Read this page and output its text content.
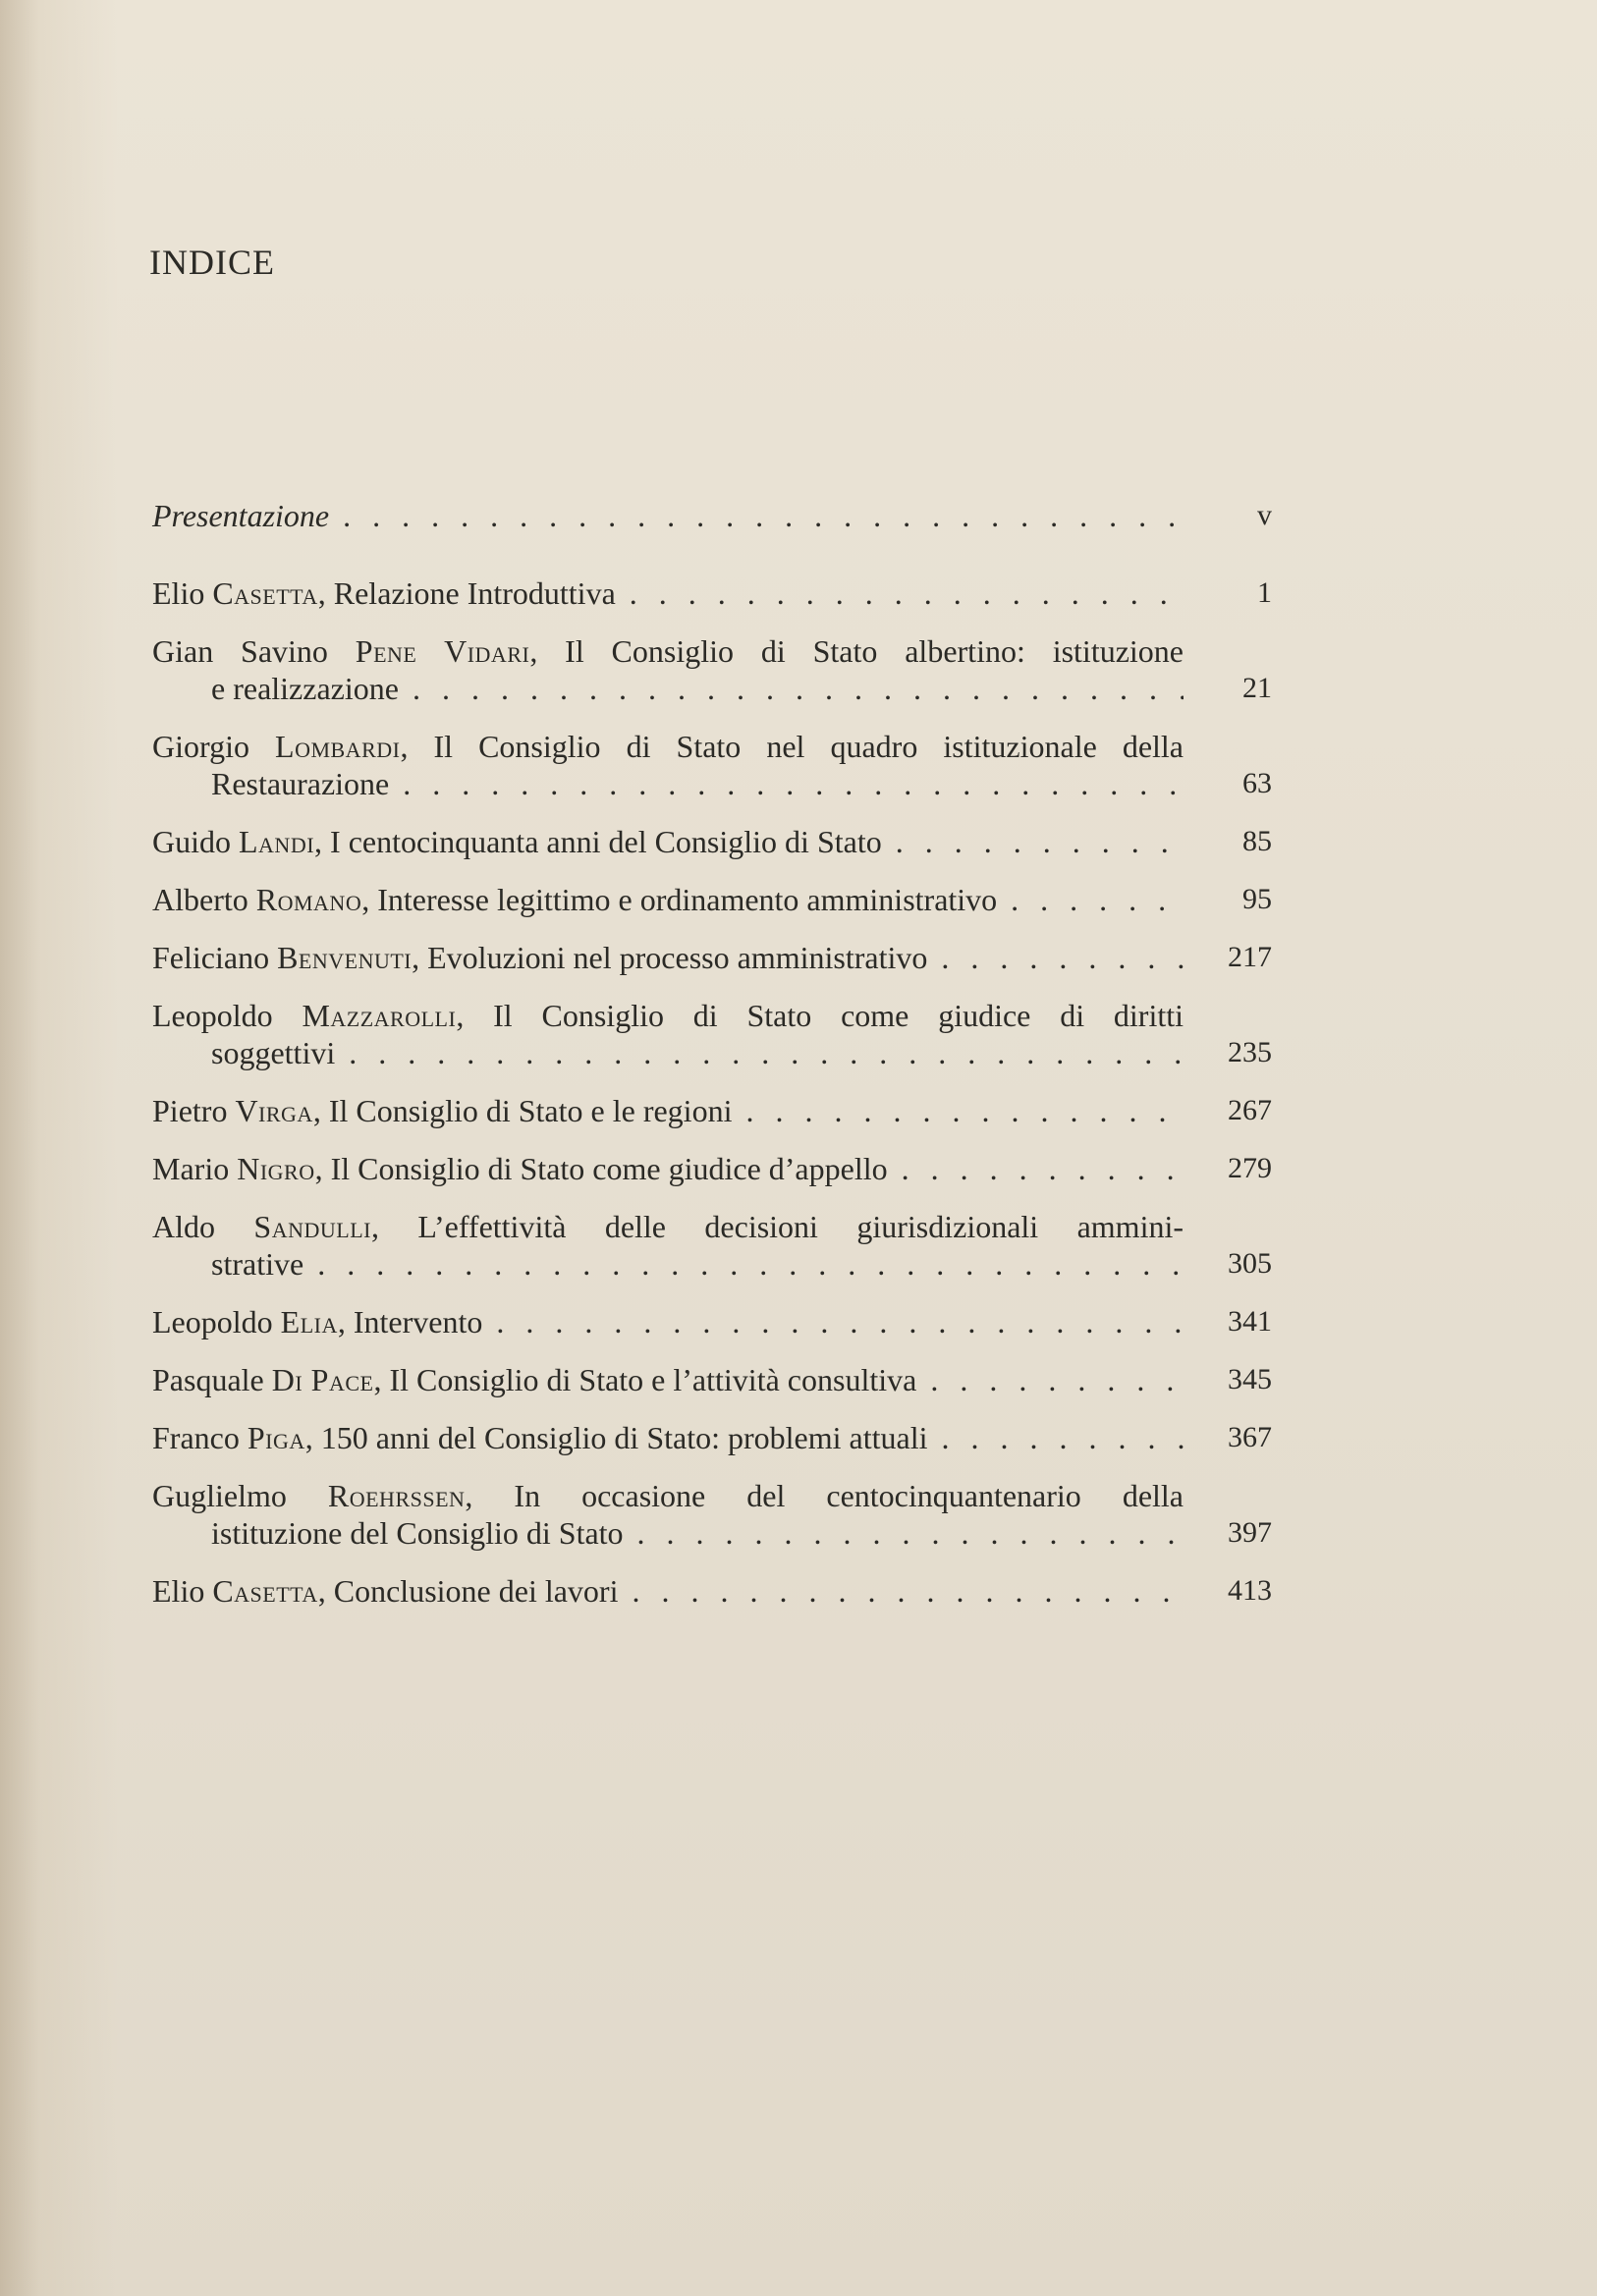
INDICE
Presentazione . . .	v
Elio
Casetta , Relazione Introduttiva . . .	1
Gian Savino Pene Vidari, Il Consiglio di Stato albertino: istituzione
e realizzazione . . .	21
Giorgio Lombardi, Il Consiglio di Stato nel quadro istituzionale della
Restaurazione . . .	63
Guido
Landi , I centocinquanta anni del Consiglio di Stato . . .	85
Alberto
Romano , Interesse legittimo e ordinamento amministrativo . . .	95
Feliciano
Benvenuti , Evoluzioni nel processo amministrativo . . .	217
Leopoldo Mazzarolli, Il Consiglio di Stato come giudice di diritti
soggettivi . . .	235
Pietro
Virga , Il Consiglio di Stato e le regioni . . .	267
Mario
Nigro , Il Consiglio di Stato come giudice d’appello . . .	279
Aldo Sandulli, L’effettività delle decisioni giurisdizionali ammini-
strative . . .	305
Leopoldo
Elia , Intervento . . .	341
Pasquale
Di Pace , Il Consiglio di Stato e l’attività consultiva . . .	345
Franco
Piga , 150 anni del Consiglio di Stato: problemi attuali . . .	367
Guglielmo Roehrssen, In occasione del centocinquantenario della
istituzione del Consiglio di Stato . . .	397
Elio
Casetta , Conclusione dei lavori . . .	413
